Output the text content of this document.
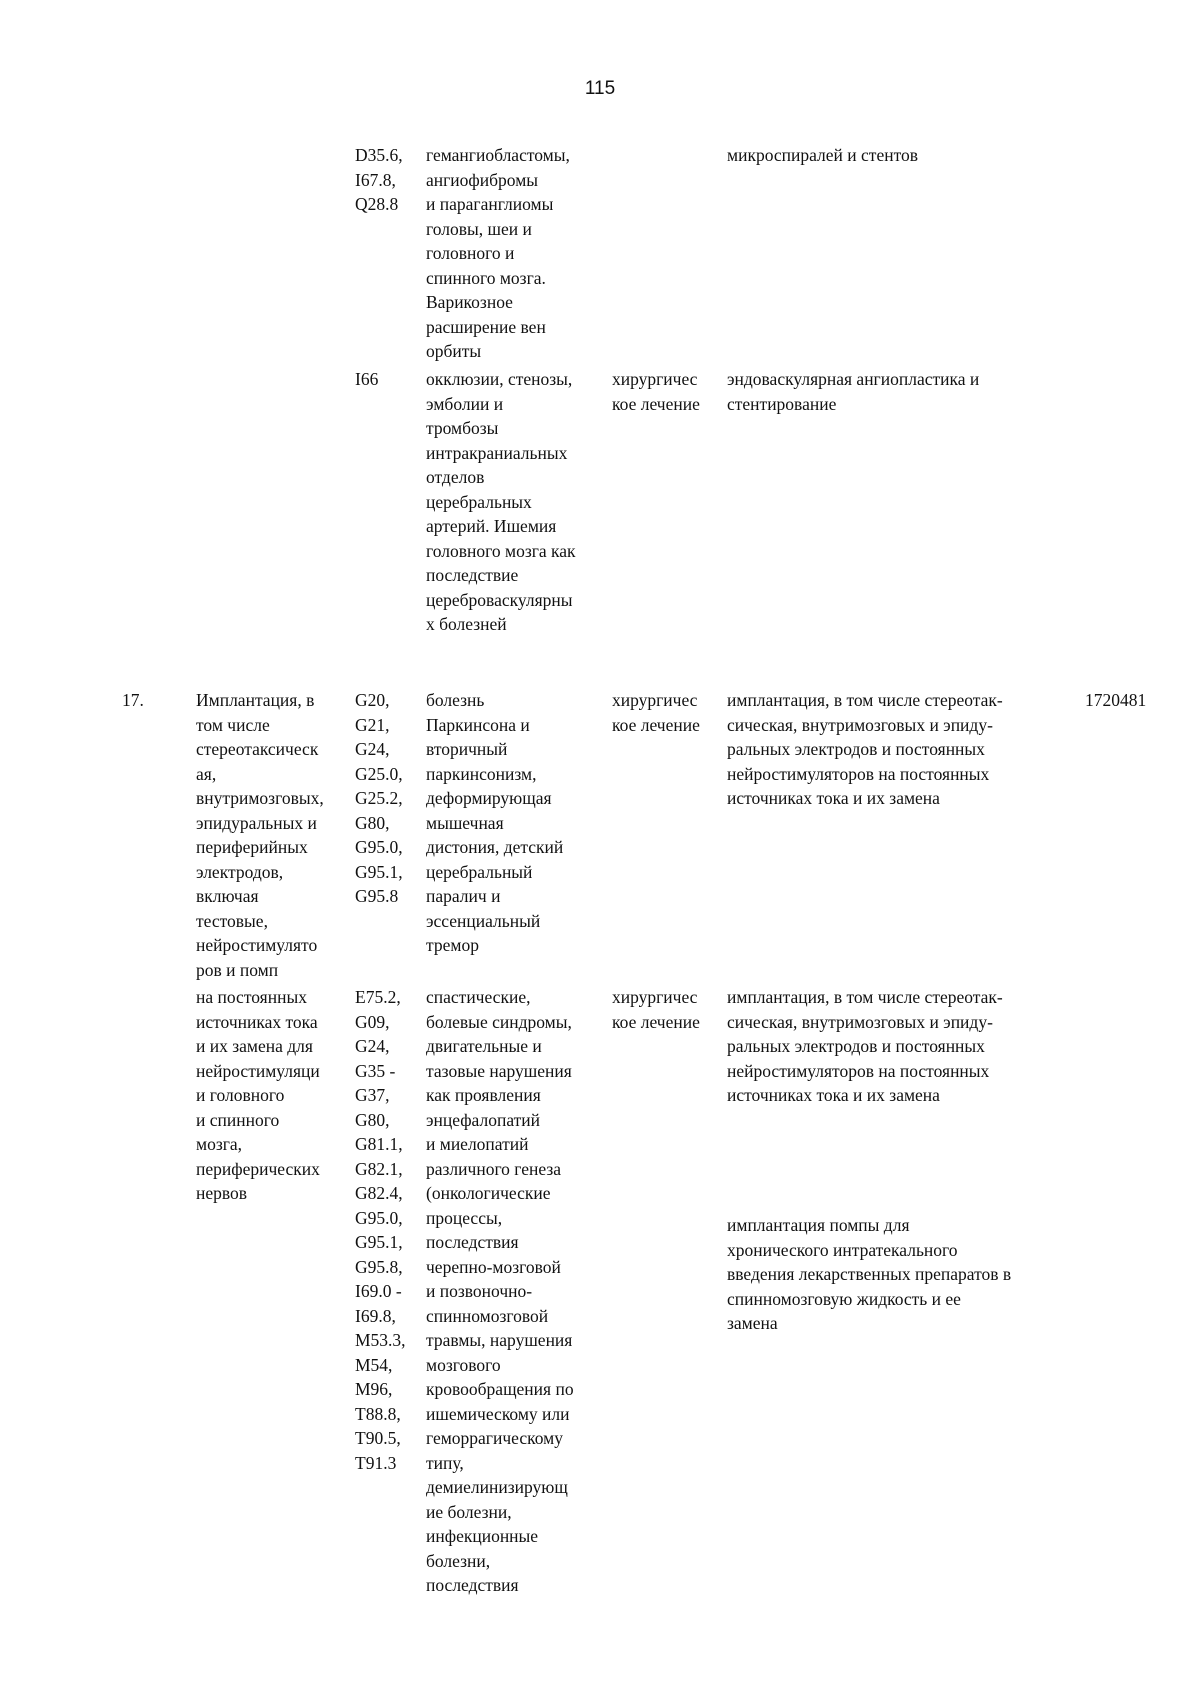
115
D35.6,
I67.8,
Q28.8
гемангиобластомы,
ангиофибромы
и параганглиомы
головы, шеи и
головного и
спинного мозга.
Варикозное
расширение вен
орбиты
микроспиралей и стентов
I66	окклюзии, стенозы,
эмболии и
тромбозы
интракраниальных
отделов
церебральных
артерий. Ишемия
головного мозга как
последствие
цереброваскулярны
х болезней
хирургичес
кое лечение
эндоваскулярная ангиопластика и
стентирование
17.	Имплантация, в
том числе
стереотаксическ
ая,
внутримозговых,
эпидуральных и
периферийных
электродов,
включая
тестовые,
нейростимулято
ров и помп
G20,
G21,
G24,
G25.0,
G25.2,
G80,
G95.0,
G95.1,
G95.8
болезнь
Паркинсона и
вторичный
паркинсонизм,
деформирующая
мышечная
дистония, детский
церебральный
паралич и
эссенциальный
тремор
хирургичес
кое лечение
имплантация, в том числе стереотак-
сическая, внутримозговых и эпиду-
ральных электродов и постоянных
нейростимуляторов на постоянных
источниках тока и их замена
1720481
на постоянных
источниках тока
и их замена для
нейростимуляци
и головного
и спинного
мозга,
периферических
нервов
E75.2,
G09,
G24,
G35 -
G37,
G80,
G81.1,
G82.1,
G82.4,
G95.0,
G95.1,
G95.8,
I69.0 -
I69.8,
M53.3,
M54,
M96,
T88.8,
T90.5,
T91.3
спастические,
болевые синдромы,
двигательные и
тазовые нарушения
как проявления
энцефалопатий
и миелопатий
различного генеза
(онкологические
процессы,
последствия
черепно-мозговой
и позвоночно-
спинномозговой
травмы, нарушения
мозгового
кровообращения по
ишемическому или
геморрагическому
типу,
демиелинизирующ
ие болезни,
инфекционные
болезни,
последствия
хирургичес
кое лечение
имплантация, в том числе стереотак-
сическая, внутримозговых и эпиду-
ральных электродов и постоянных
нейростимуляторов на постоянных
источниках тока и их замена
имплантация помпы для
хронического интратекального
введения лекарственных препаратов в
спинномозговую жидкость и ее
замена
